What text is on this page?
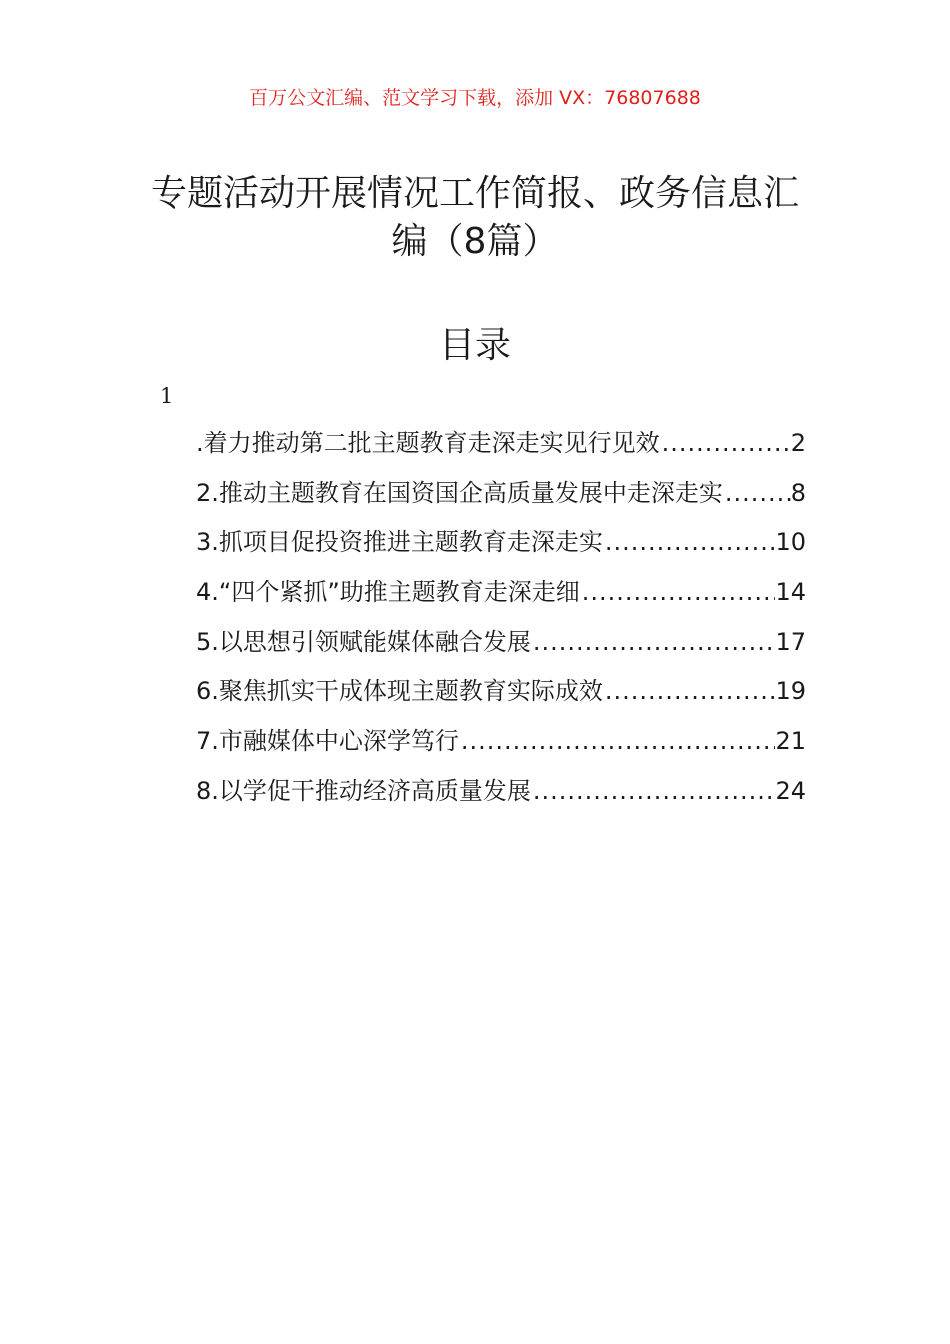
百万公文汇编、范文学习下载，添加 VX：76807688
专题活动开展情况工作简报、政务信息汇编（8篇）
目录
1
.着力推动第二批主题教育走深走实见行见效 .....	2
2.推动主题教育在国资国企高质量发展中走深走实 .....	8
3.抓项目促投资推进主题教育走深走实 .....	10
4.“四个紧抓”助推主题教育走深走细 .....	14
5.以思想引领赋能媒体融合发展 .....	17
6.聚焦抓实干成体现主题教育实际成效 .....	19
7.市融媒体中心深学笃行 .....	21
8.以学促干推动经济高质量发展 .....	24
